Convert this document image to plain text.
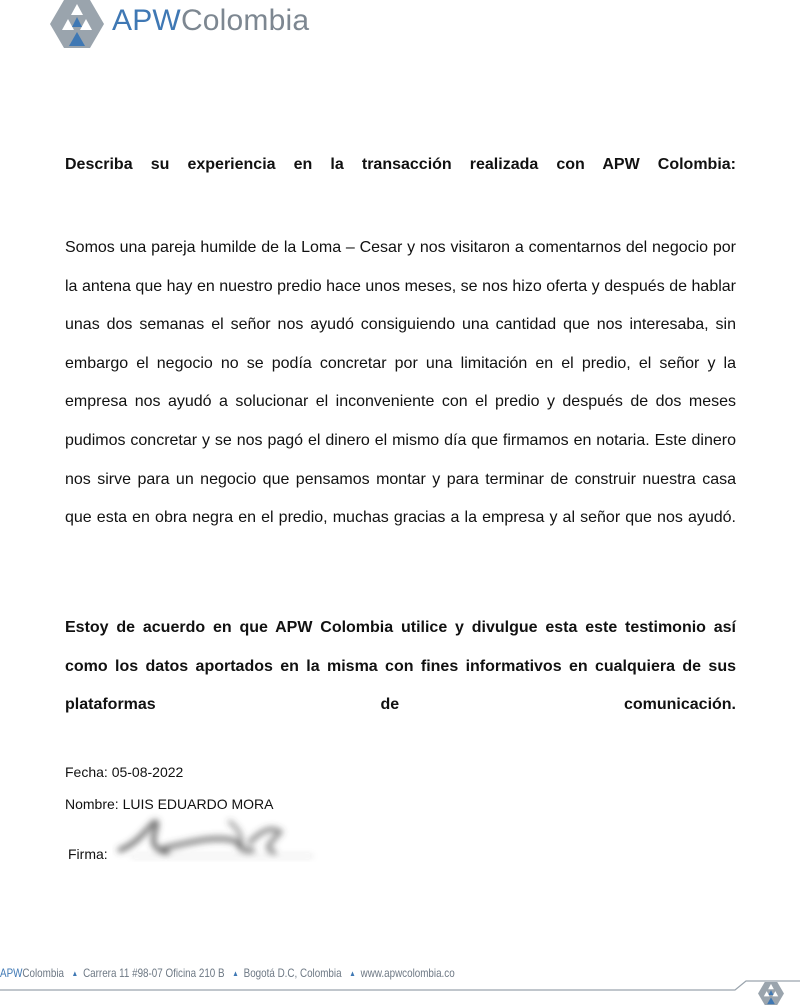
APWColombia

Describa su experiencia en la transacción realizada con APW Colombia:

Somos una pareja humilde de la Loma – Cesar y nos visitaron a comentarnos del negocio por la antena que hay en nuestro predio hace unos meses, se nos hizo oferta y después de hablar unas dos semanas el señor nos ayudó consiguiendo una cantidad que nos interesaba, sin embargo el negocio no se podía concretar por una limitación en el predio, el señor y la empresa nos ayudó a solucionar el inconveniente con el predio y después de dos meses pudimos concretar y se nos pagó el dinero el mismo día que firmamos en notaria. Este dinero nos sirve para un negocio que pensamos montar y para terminar de construir nuestra casa que esta en obra negra en el predio, muchas gracias a la empresa y al señor que nos ayudó.

Estoy de acuerdo en que APW Colombia utilice y divulgue esta este testimonio así como los datos aportados en la misma con fines informativos en cualquiera de sus plataformas de comunicación.

Fecha: 05-08-2022

Nombre: LUIS EDUARDO MORA

Firma:

APWColombia ▲ Carrera 11 #98-07 Oficina 210 B ▲ Bogotá D.C, Colombia ▲ www.apwcolombia.co
